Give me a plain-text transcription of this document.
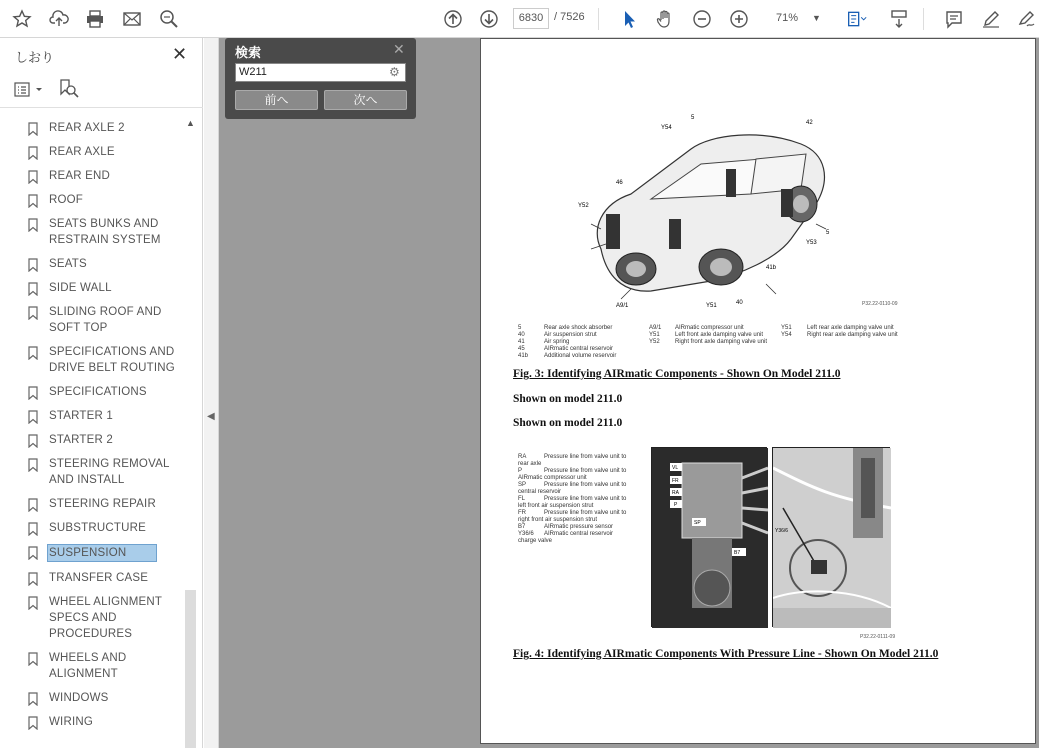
6830 / 7526	71% ▼
しおり	✕
REAR AXLE 2
REAR AXLE
REAR END
ROOF
SEATS BUNKS AND
RESTRAIN SYSTEM
SEATS
SIDE WALL
SLIDING ROOF AND
SOFT TOP
SPECIFICATIONS AND
DRIVE BELT ROUTING
SPECIFICATIONS
STARTER 1
STARTER 2
STEERING REMOVAL
AND INSTALL
STEERING REPAIR
SUBSTRUCTURE
SUSPENSION
TRANSFER CASE
WHEEL ALIGNMENT
SPECS AND
PROCEDURES
WHEELS AND
ALIGNMENT
WINDOWS
WIRING
▲
◀
Y52
46
Y54
5
42
5
Y53
41b
40
A9/1	Y51	P32.22-0110-09
5	Rear axle shock absorber
40	Air suspension strut
41	Air spring
45	AIRmatic central reservoir
41b	Additional volume reservoir
A9/1 AIRmatic compressor unit
Y51	Left front axle damping valve unit
Y52	Right front axle damping valve unit
Y51	Left rear axle damping valve unit
Y54	Right rear axle damping valve unit
Fig. 3: Identifying AIRmatic Components - Shown On Model 211.0
Shown on model 211.0
Shown on model 211.0
RA	Pressure line from valve unit to rear axle
P	Pressure line from valve unit to AIRmatic compressor unit
SP	Pressure line from valve unit to central reservoir
FL	Pressure line from valve unit to left front air suspension strut
FR	Pressure line from valve unit to right front air suspension strut
B7	AIRmatic pressure sensor
Y36/6 AIRmatic central reservoir charge valve
VL
FR
RA
P
SP
B7
Y36/6
P32.22-0111-09
Fig. 4: Identifying AIRmatic Components With Pressure Line - Shown On Model 211.0
検索	✕
W211	⚙
前へ	次へ
